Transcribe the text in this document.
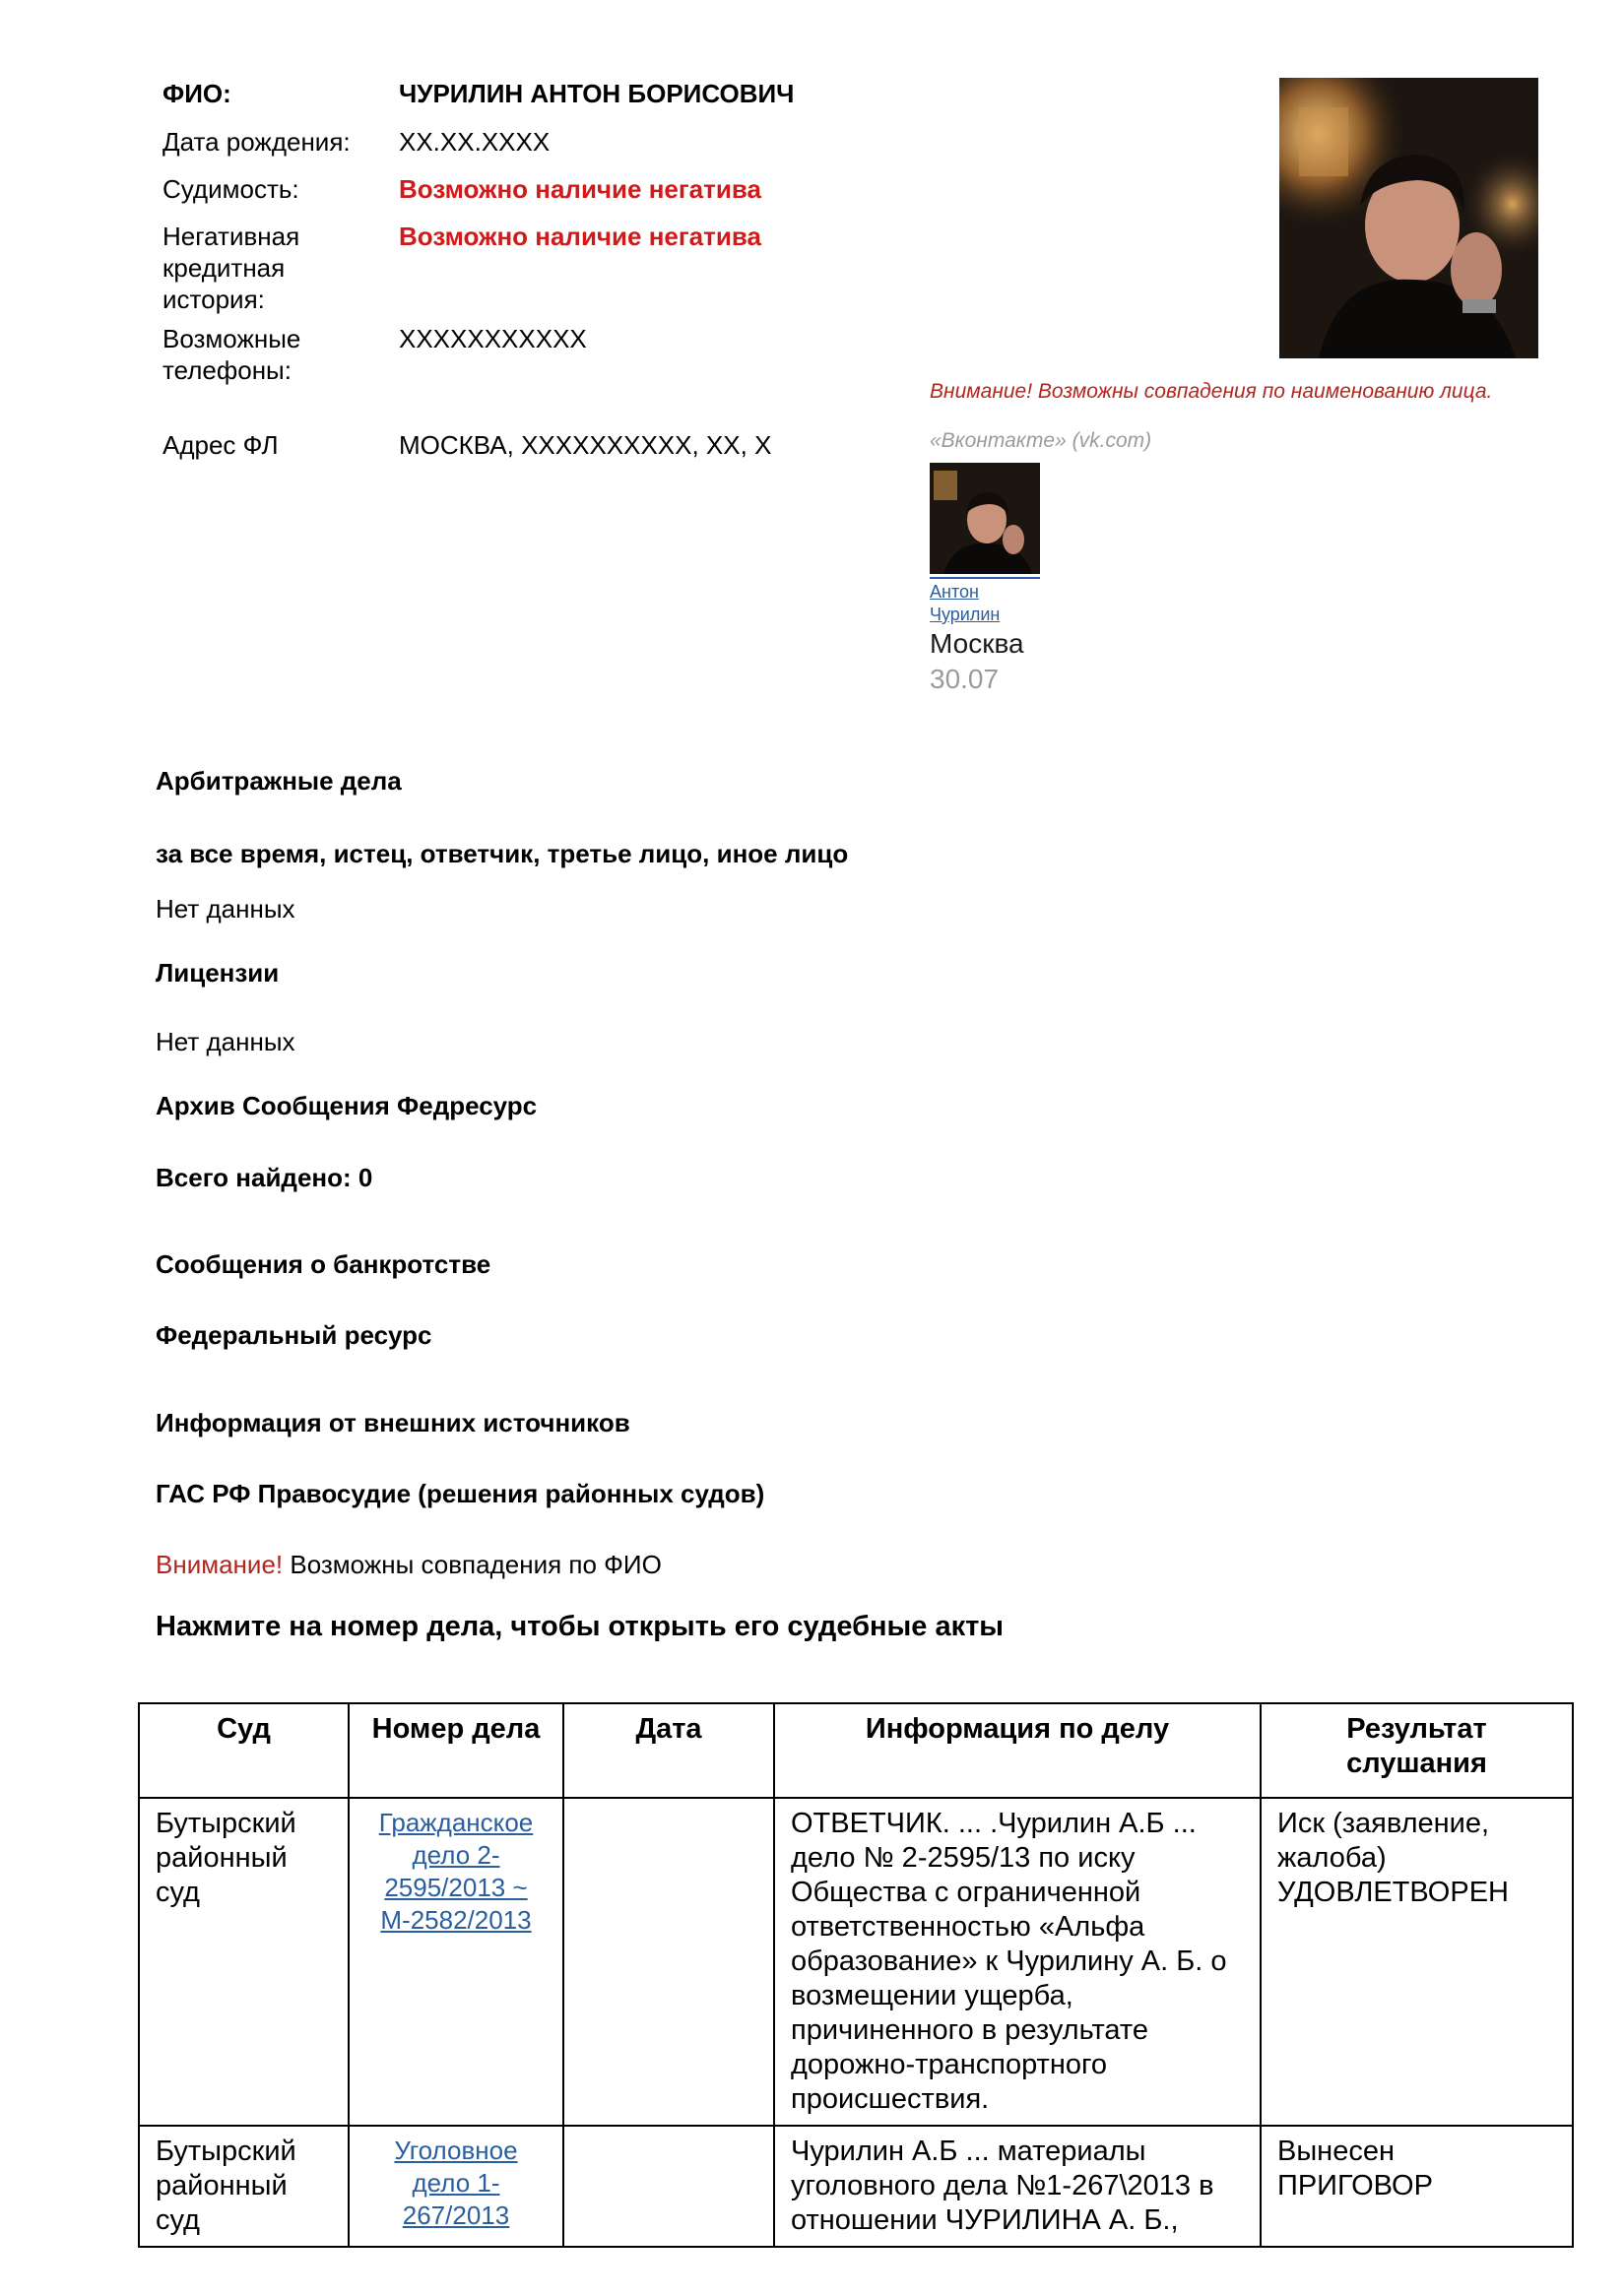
ФИО:	ЧУРИЛИН АНТОН БОРИСОВИЧ
Дата рождения:	XX.XX.XXXX
Судимость:	Возможно наличие негатива
Негативная кредитная история:
Возможно наличие негатива
Возможные телефоны:
XXXXXXXXXXX
Адрес ФЛ	МОСКВА, XXXXXXXXXX, XX, X
Внимание! Возможны совпадения по наименованию лица.
«Вконтакте» (vk.com)
Антон
Чурилин
Москва
30.07
Арбитражные дела
за все время, истец, ответчик, третье лицо, иное лицо
Нет данных
Лицензии
Нет данных
Архив Сообщения Федресурс
Всего найдено: 0
Сообщения о банкротстве
Федеральный ресурс
Информация от внешних источников
ГАС РФ Правосудие (решения районных судов)
Внимание! Возможны совпадения по ФИО
Нажмите на номер дела, чтобы открыть его судебные акты
Суд	Номер дела	Дата	Информация по делу	Результат слушания
Бутырский районный суд	Гражданское дело 2-2595/2013 ~ М-2582/2013		ОТВЕТЧИК. ... .Чурилин А.Б ... дело № 2-2595/13 по иску Общества с ограниченной ответственностью «Альфа образование» к Чурилину А. Б. о возмещении ущерба, причиненного в результате дорожно-транспортного происшествия.	Иск (заявление, жалоба) УДОВЛЕТВОРЕН
Бутырский районный суд	Уголовное дело 1-267/2013		Чурилин А.Б ... материалы уголовного дела №1-267\2013 в отношении ЧУРИЛИНА А. Б.,	Вынесен ПРИГОВОР
